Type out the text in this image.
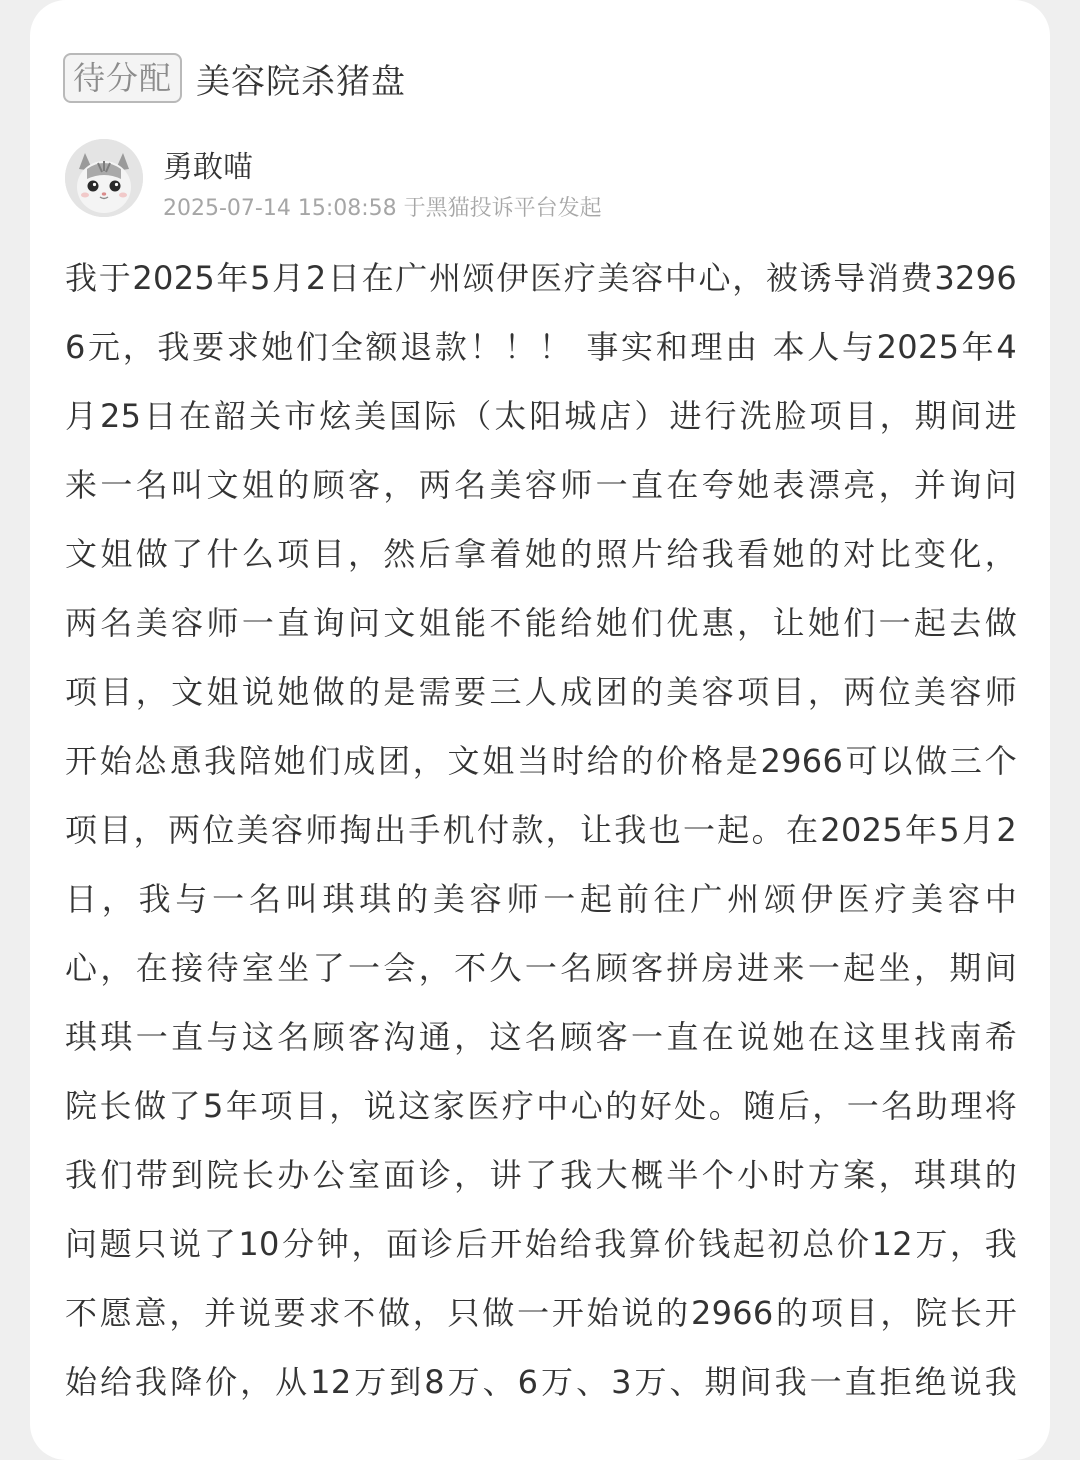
待分配 美容院杀猪盘
勇敢喵
2025-07-14 15:08:58 于黑猫投诉平台发起
我于2025年5月2日在广州颂伊医疗美容中心，被诱导消费3296
6元，我要求她们全额退款！！！ 事实和理由 本人与2025年4
月25日在韶关市炫美国际（太阳城店）进行洗脸项目，期间进
来一名叫文姐的顾客，两名美容师一直在夸她表漂亮，并询问
文姐做了什么项目，然后拿着她的照片给我看她的对比变化，
两名美容师一直询问文姐能不能给她们优惠，让她们一起去做
项目，文姐说她做的是需要三人成团的美容项目，两位美容师
开始怂恿我陪她们成团，文姐当时给的价格是2966可以做三个
项目，两位美容师掏出手机付款，让我也一起。在2025年5月2
日，我与一名叫琪琪的美容师一起前往广州颂伊医疗美容中
心，在接待室坐了一会，不久一名顾客拼房进来一起坐，期间
琪琪一直与这名顾客沟通，这名顾客一直在说她在这里找南希
院长做了5年项目，说这家医疗中心的好处。随后，一名助理将
我们带到院长办公室面诊，讲了我大概半个小时方案，琪琪的
问题只说了10分钟，面诊后开始给我算价钱起初总价12万，我
不愿意，并说要求不做，只做一开始说的2966的项目，院长开
始给我降价，从12万到8万、6万、3万、期间我一直拒绝说我
